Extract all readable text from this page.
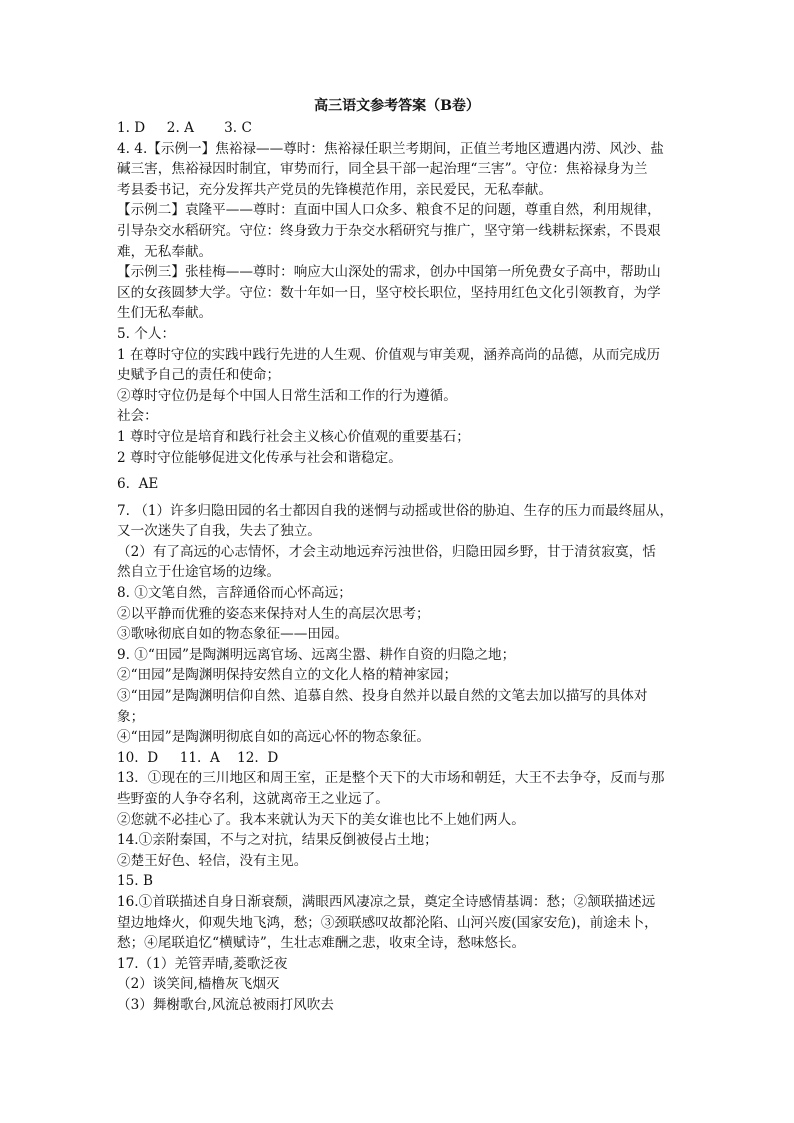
高三语文参考答案（B卷）
1. D     2. A       3. C
4. 4.【示例一】焦裕禄——尊时：焦裕禄任职兰考期间，正值兰考地区遭遇内涝、风沙、盐
碱三害，焦裕禄因时制宜，审势而行，同全县干部一起治理“三害”。守位：焦裕禄身为兰
考县委书记，充分发挥共产党员的先锋模范作用，亲民爱民，无私奉献。
【示例二】袁隆平——尊时：直面中国人口众多、粮食不足的问题，尊重自然，利用规律，
引导杂交水稻研究。守位：终身致力于杂交水稻研究与推广，坚守第一线耕耘探索，不畏艰
难，无私奉献。
【示例三】张桂梅——尊时：响应大山深处的需求，创办中国第一所免费女子高中，帮助山
区的女孩圆梦大学。守位：数十年如一日，坚守校长职位，坚持用红色文化引领教育，为学
生们无私奉献。
5. 个人：
1 在尊时守位的实践中践行先进的人生观、价值观与审美观，涵养高尚的品德，从而完成历
史赋予自己的责任和使命；
②尊时守位仍是每个中国人日常生活和工作的行为遵循。
社会：
1 尊时守位是培育和践行社会主义核心价值观的重要基石；
2 尊时守位能够促进文化传承与社会和谐稳定。
6.  AE
7. （1）许多归隐田园的名士都因自我的迷惘与动摇或世俗的胁迫、生存的压力而最终屈从，
又一次迷失了自我，失去了独立。
（2）有了高远的心志情怀，才会主动地远弃污浊世俗，归隐田园乡野，甘于清贫寂寞，恬
然自立于仕途官场的边缘。
8. ①文笔自然，言辞通俗而心怀高远；
②以平静而优雅的姿态来保持对人生的高层次思考；
③歌咏彻底自如的物态象征——田园。
9. ①“田园”是陶渊明远离官场、远离尘嚣、耕作自资的归隐之地；
②“田园”是陶渊明保持安然自立的文化人格的精神家园；
③“田园”是陶渊明信仰自然、追慕自然、投身自然并以最自然的文笔去加以描写的具体对
象；
④“田园”是陶渊明彻底自如的高远心怀的物态象征。
10.  D     11.  A    12.  D
13．①现在的三川地区和周王室，正是整个天下的大市场和朝廷，大王不去争夺，反而与那
些野蛮的人争夺名利，这就离帝王之业远了。
②您就不必挂心了。我本来就认为天下的美女谁也比不上她们两人。
14.①亲附秦国，不与之对抗，结果反倒被侵占土地；
②楚王好色、轻信，没有主见。
15. B
16.①首联描述自身日渐衰颓，满眼西风凄凉之景，奠定全诗感情基调：愁；②颔联描述远
望边地烽火，仰观失地飞鸿，愁；③颈联感叹故都沦陷、山河兴废(国家安危)，前途未卜，
愁；④尾联追忆“横赋诗”，生壮志难酬之悲，收束全诗，愁味悠长。
17.（1）羌管弄晴,菱歌泛夜
（2）谈笑间,樯橹灰飞烟灭
（3）舞榭歌台,风流总被雨打风吹去
